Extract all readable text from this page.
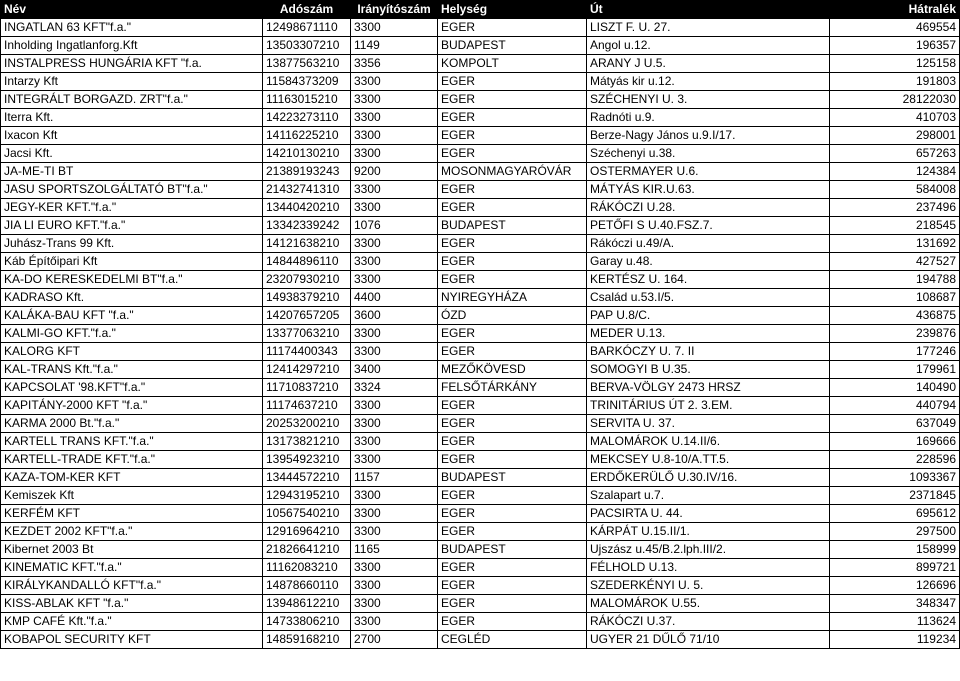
Név	Adószám	Irányítószám	Helység	Út	Hátralék
INGATLAN 63 KFT"f.a."	12498671110	3300	EGER	LISZT F. U. 27.	469554
Inholding Ingatlanforg.Kft	13503307210	1149	BUDAPEST	Angol u.12.	196357
INSTALPRESS HUNGÁRIA KFT "f.a.	13877563210	3356	KOMPOLT	ARANY J U.5.	125158
Intarzy Kft	11584373209	3300	EGER	Mátyás kir u.12.	191803
INTEGRÁLT BORGAZD. ZRT"f.a."	11163015210	3300	EGER	SZÉCHENYI U. 3.	28122030
Iterra Kft.	14223273110	3300	EGER	Radnóti u.9.	410703
Ixacon Kft	14116225210	3300	EGER	Berze-Nagy János u.9.I/17.	298001
Jacsi Kft.	14210130210	3300	EGER	Széchenyi u.38.	657263
JA-ME-TI BT	21389193243	9200	MOSONMAGYARÓVÁR	OSTERMAYER U.6.	124384
JASU SPORTSZOLGÁLTATÓ BT"f.a."	21432741310	3300	EGER	MÁTYÁS KIR.U.63.	584008
JEGY-KER KFT."f.a."	13440420210	3300	EGER	RÁKÓCZI U.28.	237496
JIA LI EURO KFT."f.a."	13342339242	1076	BUDAPEST	PETŐFI S U.40.FSZ.7.	218545
Juhász-Trans 99 Kft.	14121638210	3300	EGER	Rákóczi u.49/A.	131692
Káb Építőipari Kft	14844896110	3300	EGER	Garay u.48.	427527
KA-DO KERESKEDELMI BT"f.a."	23207930210	3300	EGER	KERTÉSZ U. 164.	194788
KADRASO Kft.	14938379210	4400	NYIREGYHÁZA	Család u.53.I/5.	108687
KALÁKA-BAU KFT "f.a."	14207657205	3600	ÓZD	PAP U.8/C.	436875
KALMI-GO KFT."f.a."	13377063210	3300	EGER	MEDER U.13.	239876
KALORG KFT	11174400343	3300	EGER	BARKÓCZY U. 7. II	177246
KAL-TRANS Kft."f.a."	12414297210	3400	MEZŐKÖVESD	SOMOGYI B U.35.	179961
KAPCSOLAT '98.KFT"f.a."	11710837210	3324	FELSŐTÁRKÁNY	BERVA-VÖLGY 2473 HRSZ	140490
KAPITÁNY-2000 KFT "f.a."	11174637210	3300	EGER	TRINITÁRIUS ÚT 2. 3.EM.	440794
KARMA 2000 Bt."f.a."	20253200210	3300	EGER	SERVITA U. 37.	637049
KARTELL TRANS KFT."f.a."	13173821210	3300	EGER	MALOMÁROK U.14.II/6.	169666
KARTELL-TRADE KFT."f.a."	13954923210	3300	EGER	MEKCSEY U.8-10/A.TT.5.	228596
KAZA-TOM-KER KFT	13444572210	1157	BUDAPEST	ERDŐKERÜLŐ U.30.IV/16.	1093367
Kemiszek Kft	12943195210	3300	EGER	Szalapart u.7.	2371845
KERFÉM KFT	10567540210	3300	EGER	PACSIRTA U. 44.	695612
KEZDET 2002 KFT"f.a."	12916964210	3300	EGER	KÁRPÁT U.15.II/1.	297500
Kibernet 2003 Bt	21826641210	1165	BUDAPEST	Ujszász u.45/B.2.lph.III/2.	158999
KINEMATIC KFT."f.a."	11162083210	3300	EGER	FÉLHOLD U.13.	899721
KIRÁLYKANDALLÓ KFT"f.a."	14878660110	3300	EGER	SZEDERKÉNYI U. 5.	126696
KISS-ABLAK KFT "f.a."	13948612210	3300	EGER	MALOMÁROK U.55.	348347
KMP CAFÉ Kft."f.a."	14733806210	3300	EGER	RÁKÓCZI U.37.	113624
KOBAPOL SECURITY KFT	14859168210	2700	CEGLÉD	UGYER 21 DŰLŐ 71/10	119234
